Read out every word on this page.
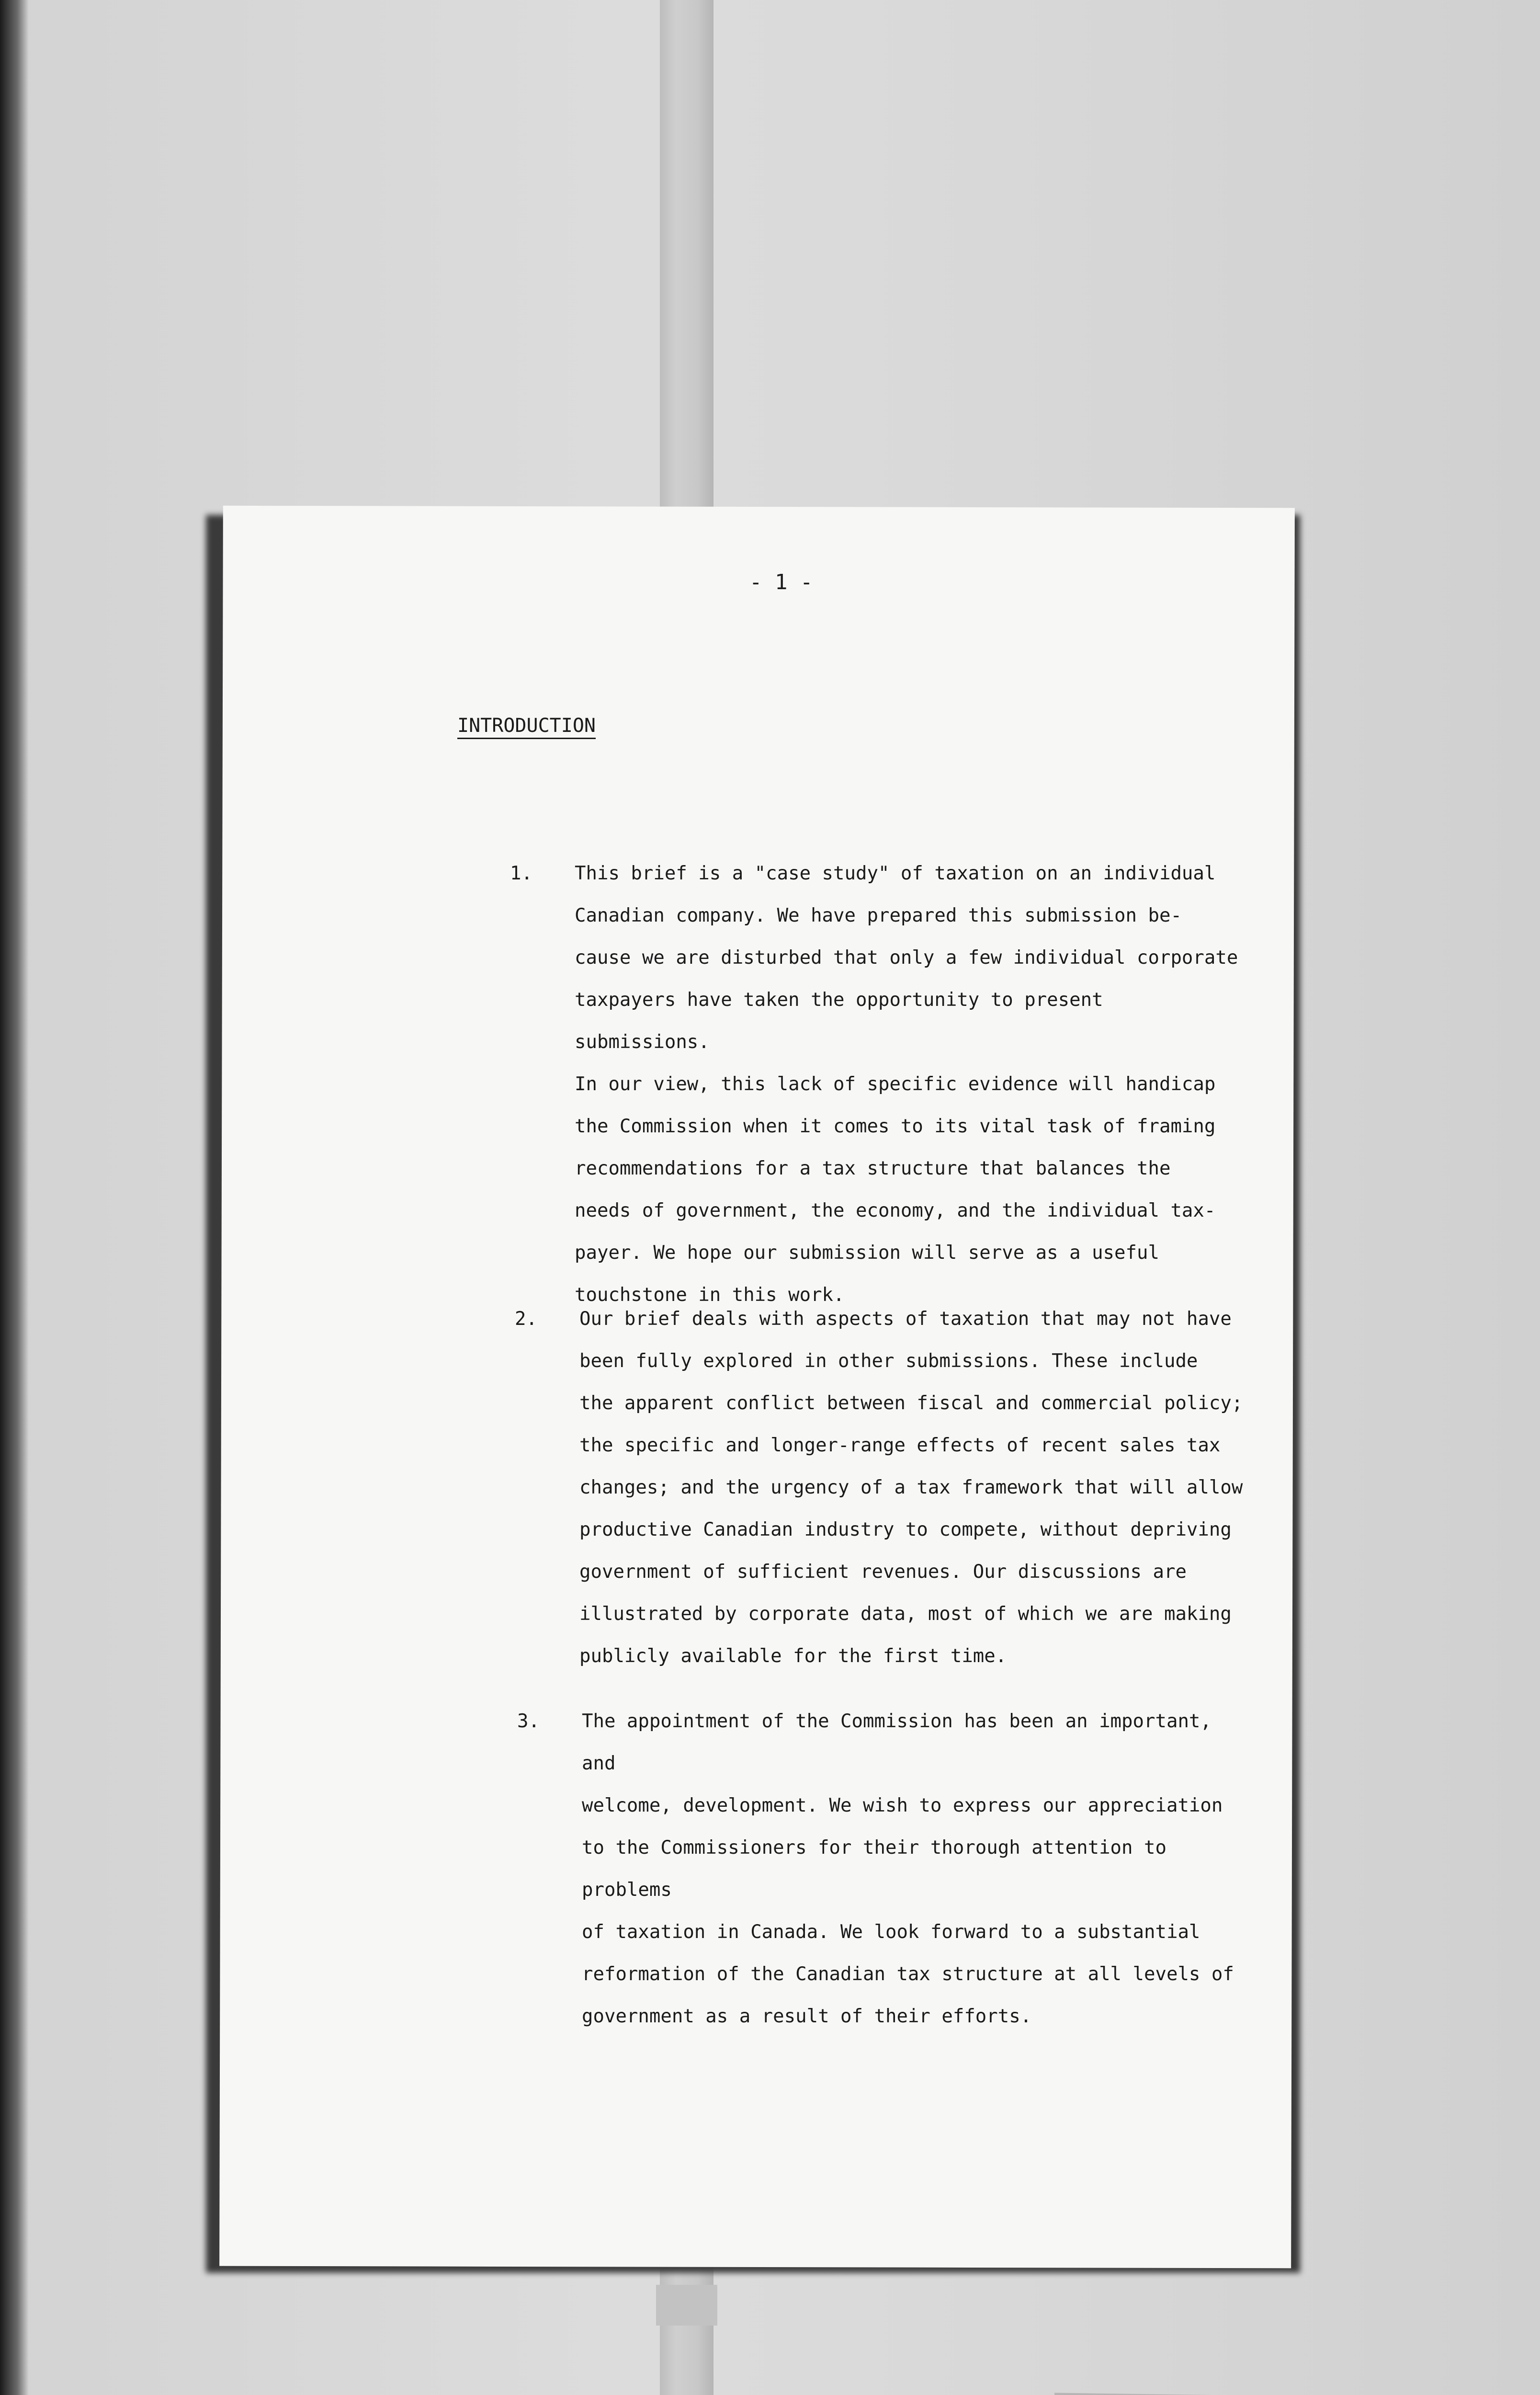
- 1 -
INTRODUCTION
1.	This brief is a "case study" of taxation on an individual
Canadian company. We have prepared this submission be-
cause we are disturbed that only a few individual corporate
taxpayers have taken the opportunity to present submissions.
In our view, this lack of specific evidence will handicap
the Commission when it comes to its vital task of framing
recommendations for a tax structure that balances the
needs of government, the economy, and the individual tax-
payer. We hope our submission will serve as a useful
touchstone in this work.
2.	Our brief deals with aspects of taxation that may not have
been fully explored in other submissions. These include
the apparent conflict between fiscal and commercial policy;
the specific and longer-range effects of recent sales tax
changes; and the urgency of a tax framework that will allow
productive Canadian industry to compete, without depriving
government of sufficient revenues. Our discussions are
illustrated by corporate data, most of which we are making
publicly available for the first time.
3.	The appointment of the Commission has been an important, and
welcome, development. We wish to express our appreciation
to the Commissioners for their thorough attention to problems
of taxation in Canada. We look forward to a substantial
reformation of the Canadian tax structure at all levels of
government as a result of their efforts.
